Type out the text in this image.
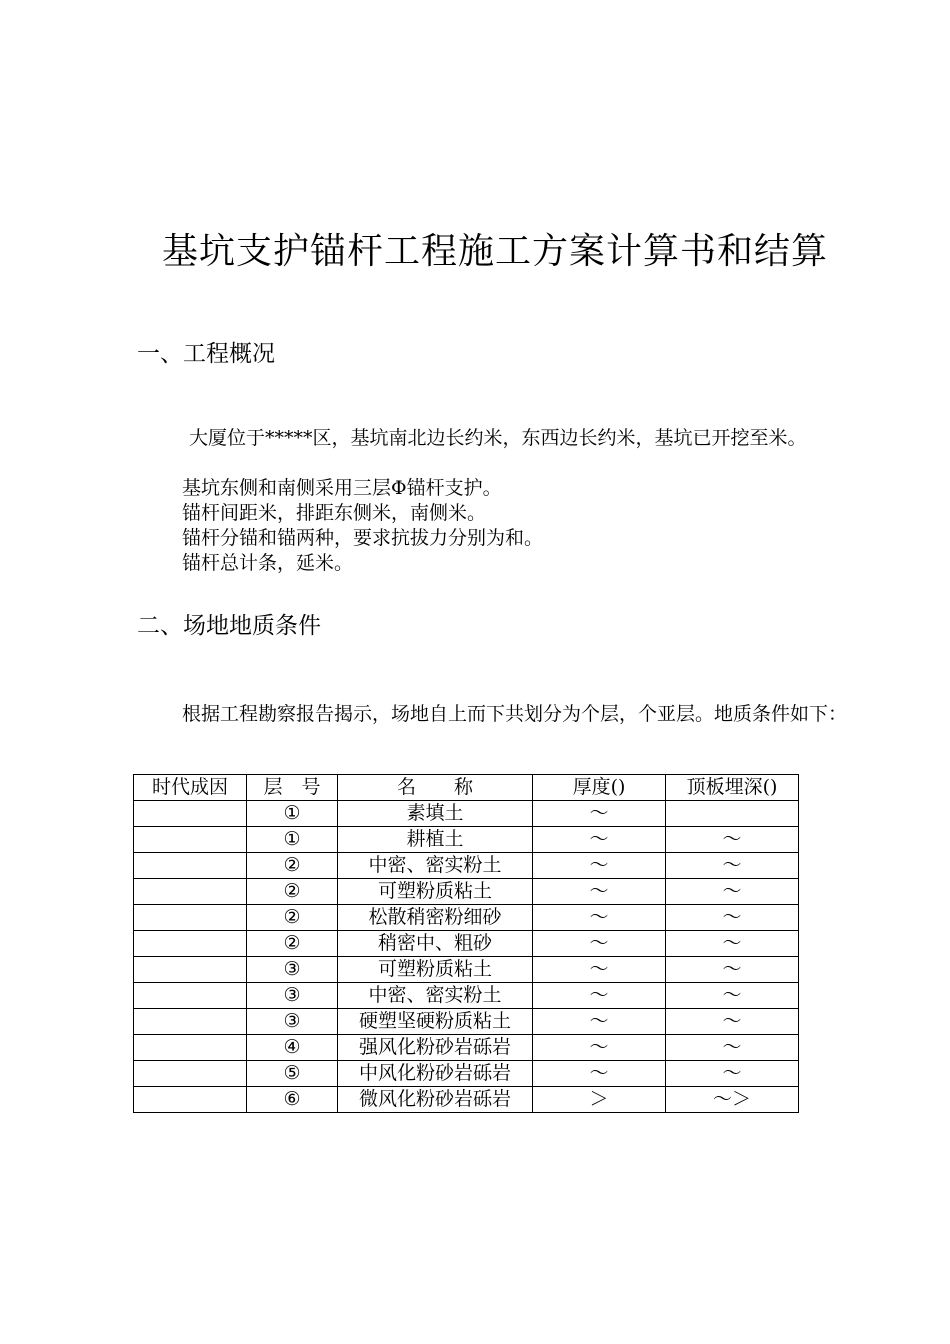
基坑支护锚杆工程施工方案计算书和结算
一、工程概况
大厦位于*****区，基坑南北边长约米，东西边长约米，基坑已开挖至米。
基坑东侧和南侧采用三层Φ锚杆支护。
锚杆间距米，排距东侧米，南侧米。
锚杆分锚和锚两种，要求抗拔力分别为和。
锚杆总计条，延米。
二、场地地质条件
根据工程勘察报告揭示，场地自上而下共划分为个层，个亚层。地质条件如下：
时代成因	层　号	名　　称	厚度()	顶板埋深()
	①	素填土	～	
	①	耕植土	～	～
	②	中密、密实粉土	～	～
	②	可塑粉质粘土	～	～
	②	松散稍密粉细砂	～	～
	②	稍密中、粗砂	～	～
	③	可塑粉质粘土	～	～
	③	中密、密实粉土	～	～
	③	硬塑坚硬粉质粘土	～	～
	④	强风化粉砂岩砾岩	～	～
	⑤	中风化粉砂岩砾岩	～	～
	⑥	微风化粉砂岩砾岩	＞	～＞
